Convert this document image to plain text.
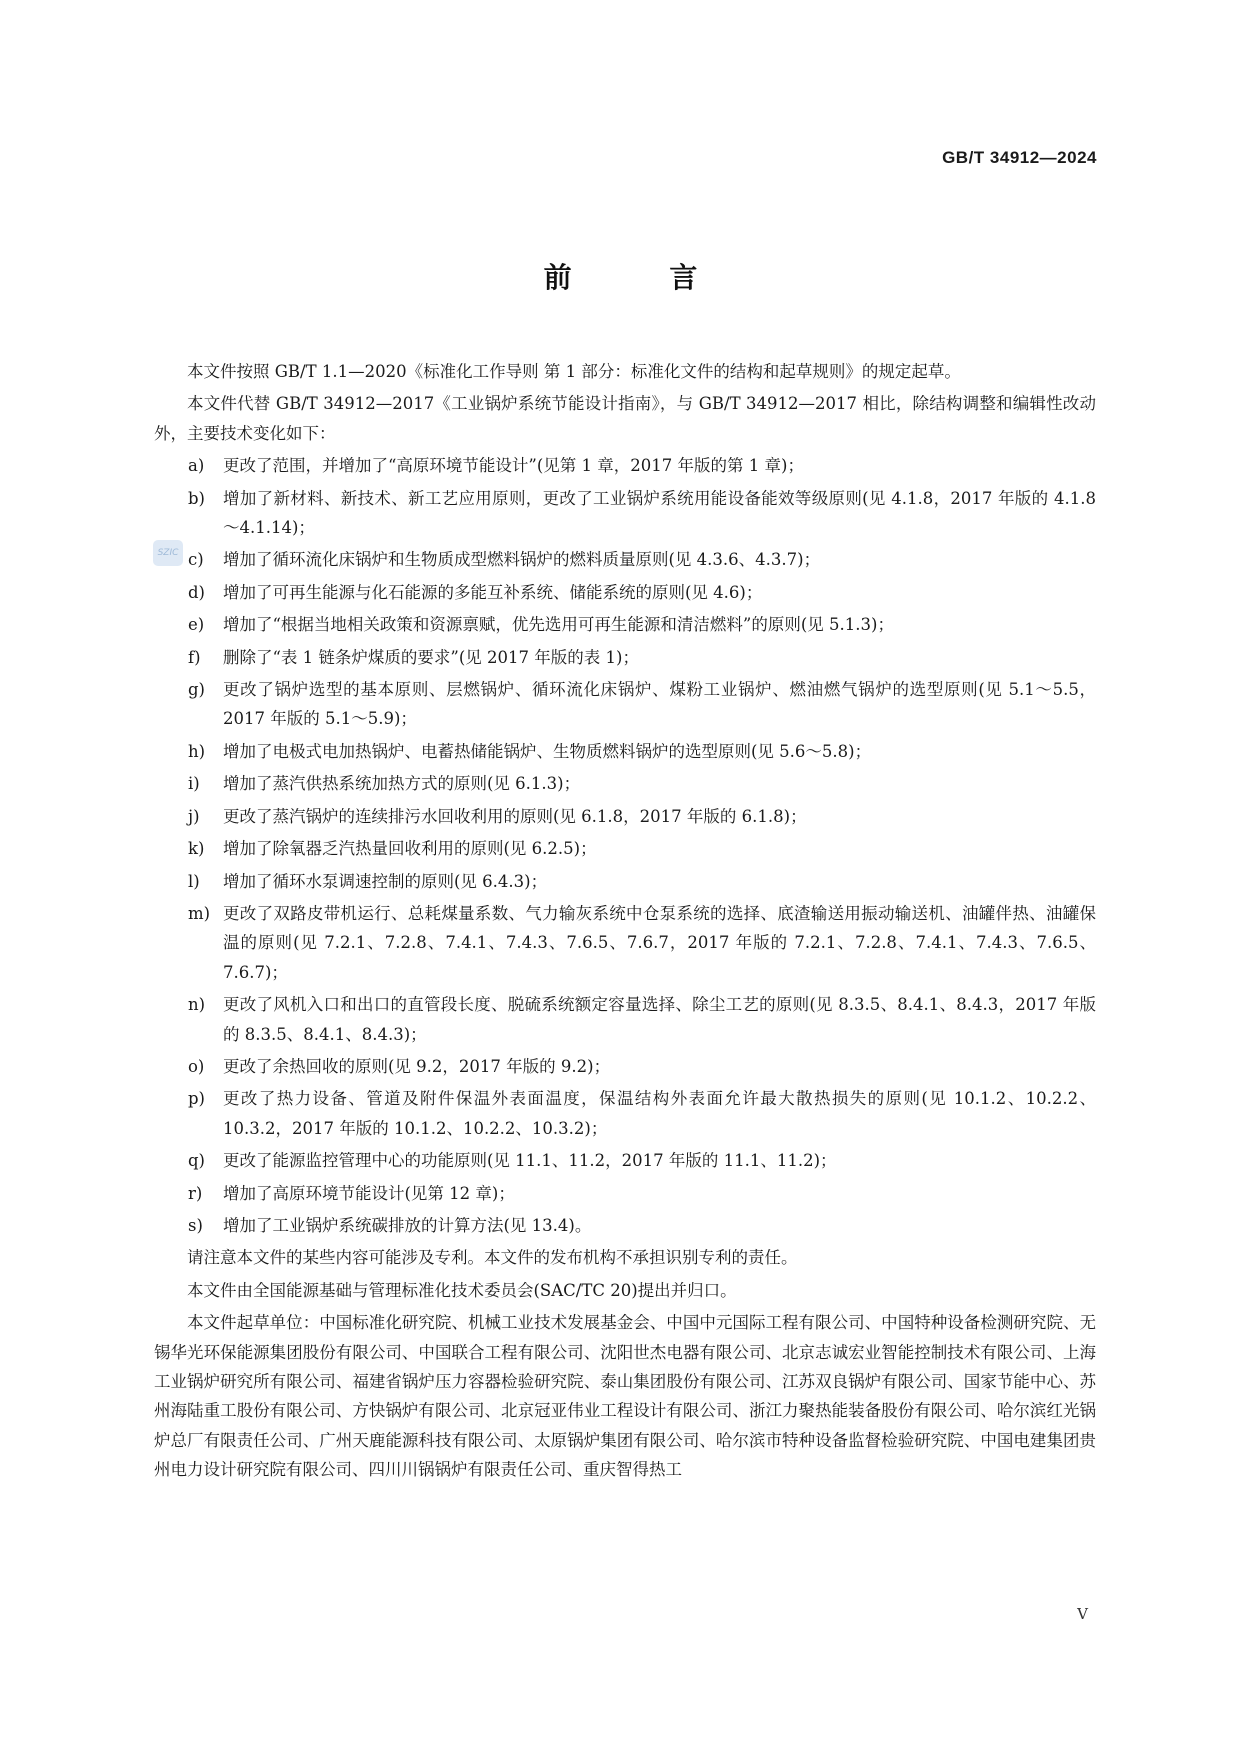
GB/T 34912—2024
前 言
SZIC

本文件按照 GB/T 1.1—2020《标准化工作导则 第 1 部分：标准化文件的结构和起草规则》的规定起草。

本文件代替 GB/T 34912—2017《工业锅炉系统节能设计指南》，与 GB/T 34912—2017 相比，除结构调整和编辑性改动外，主要技术变化如下：

a)	更改了范围，并增加了“高原环境节能设计”(见第 1 章，2017 年版的第 1 章)；
b)	增加了新材料、新技术、新工艺应用原则，更改了工业锅炉系统用能设备能效等级原则(见 4.1.8，2017 年版的 4.1.8～4.1.14)；
c)	增加了循环流化床锅炉和生物质成型燃料锅炉的燃料质量原则(见 4.3.6、4.3.7)；
d)	增加了可再生能源与化石能源的多能互补系统、储能系统的原则(见 4.6)；
e)	增加了“根据当地相关政策和资源禀赋，优先选用可再生能源和清洁燃料”的原则(见 5.1.3)；
f)	删除了“表 1 链条炉煤质的要求”(见 2017 年版的表 1)；
g)	更改了锅炉选型的基本原则、层燃锅炉、循环流化床锅炉、煤粉工业锅炉、燃油燃气锅炉的选型原则(见 5.1～5.5，2017 年版的 5.1～5.9)；
h)	增加了电极式电加热锅炉、电蓄热储能锅炉、生物质燃料锅炉的选型原则(见 5.6～5.8)；
i)	增加了蒸汽供热系统加热方式的原则(见 6.1.3)；
j)	更改了蒸汽锅炉的连续排污水回收利用的原则(见 6.1.8，2017 年版的 6.1.8)；
k)	增加了除氧器乏汽热量回收利用的原则(见 6.2.5)；
l)	增加了循环水泵调速控制的原则(见 6.4.3)；
m) 更改了双路皮带机运行、总耗煤量系数、气力输灰系统中仓泵系统的选择、底渣输送用振动输送机、油罐伴热、油罐保温的原则(见 7.2.1、7.2.8、7.4.1、7.4.3、7.6.5、7.6.7，2017 年版的 7.2.1、7.2.8、7.4.1、7.4.3、7.6.5、7.6.7)；
n)	更改了风机入口和出口的直管段长度、脱硫系统额定容量选择、除尘工艺的原则(见 8.3.5、8.4.1、8.4.3，2017 年版的 8.3.5、8.4.1、8.4.3)；
o)	更改了余热回收的原则(见 9.2，2017 年版的 9.2)；
p)	更改了热力设备、管道及附件保温外表面温度，保温结构外表面允许最大散热损失的原则(见 10.1.2、10.2.2、10.3.2，2017 年版的 10.1.2、10.2.2、10.3.2)；
q)	更改了能源监控管理中心的功能原则(见 11.1、11.2，2017 年版的 11.1、11.2)；
r)	增加了高原环境节能设计(见第 12 章)；
s)	增加了工业锅炉系统碳排放的计算方法(见 13.4)。

请注意本文件的某些内容可能涉及专利。本文件的发布机构不承担识别专利的责任。

本文件由全国能源基础与管理标准化技术委员会(SAC/TC 20)提出并归口。

本文件起草单位：中国标准化研究院、机械工业技术发展基金会、中国中元国际工程有限公司、中国特种设备检测研究院、无锡华光环保能源集团股份有限公司、中国联合工程有限公司、沈阳世杰电器有限公司、北京志诚宏业智能控制技术有限公司、上海工业锅炉研究所有限公司、福建省锅炉压力容器检验研究院、泰山集团股份有限公司、江苏双良锅炉有限公司、国家节能中心、苏州海陆重工股份有限公司、方快锅炉有限公司、北京冠亚伟业工程设计有限公司、浙江力聚热能装备股份有限公司、哈尔滨红光锅炉总厂有限责任公司、广州天鹿能源科技有限公司、太原锅炉集团有限公司、哈尔滨市特种设备监督检验研究院、中国电建集团贵州电力设计研究院有限公司、四川川锅锅炉有限责任公司、重庆智得热工

V
